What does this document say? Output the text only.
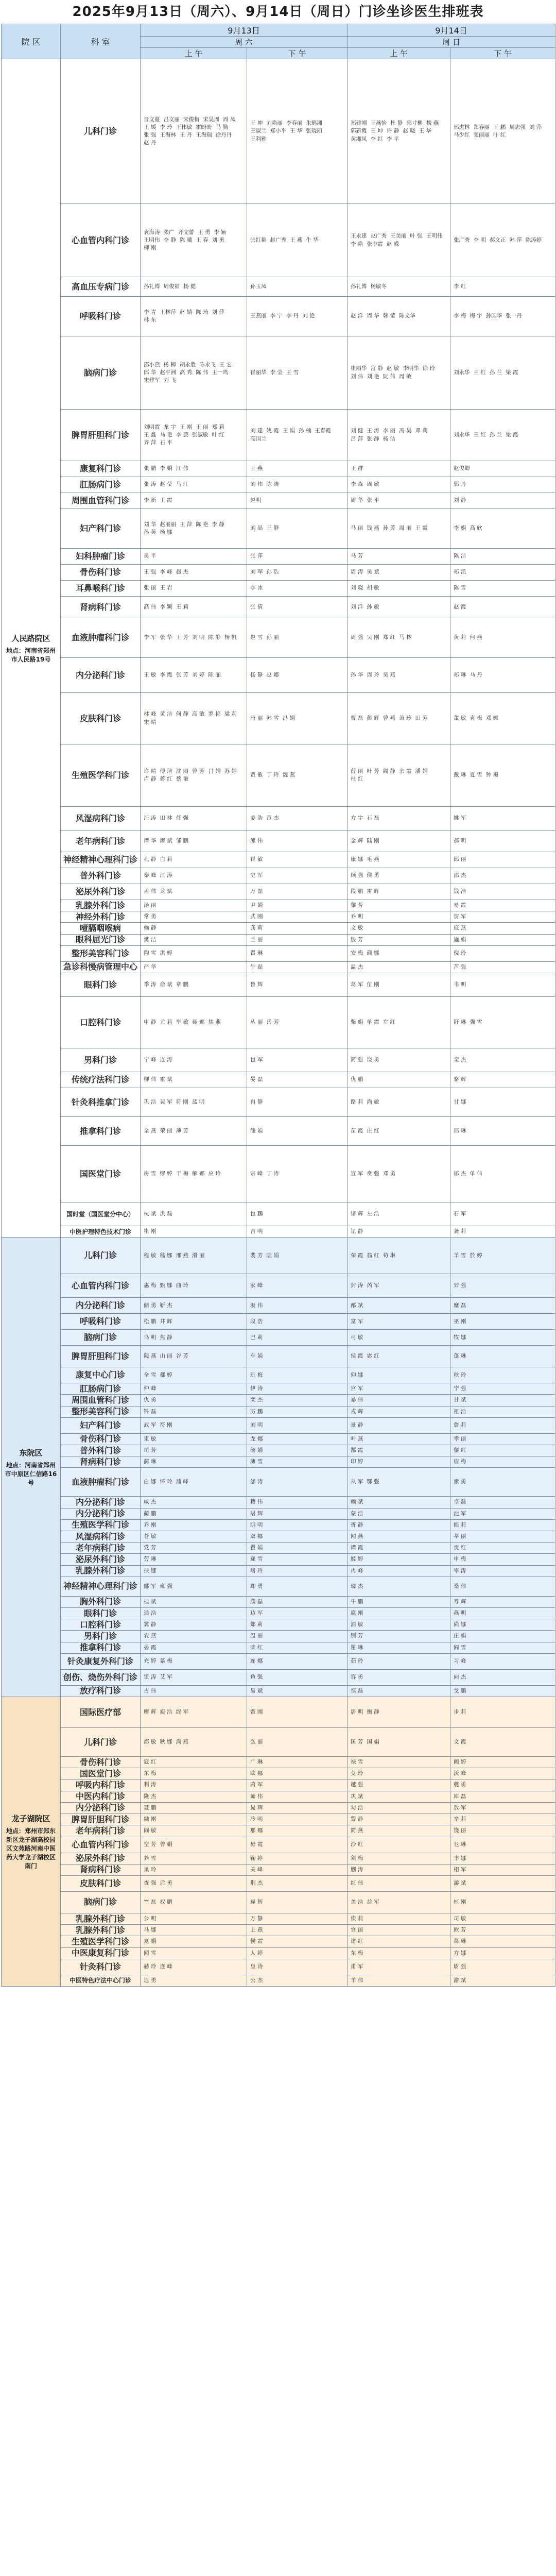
2025年9月13日（周六）、9月14日（周日）门诊坐诊医生排班表
院 区	科 室	9月13日		9月14日	
		周 六		周 日	
		上 午	下 午	上 午	下 午
人民路院区
地点：河南省郑州市人民路19号	儿科门诊	晋文蔓 吕文丽 宋俊梅 宋昊周 周 凤王 媛 李 玲 王伟敏 霍盼盼 马 勤张 强 王海林 王 丹 王海瑞 徐丹丹赵 丹	王 坤 刘艳丽 李春丽 朱鹤湘王淑兰 郑小平 王 华 张晓丽王利雅	郑建刚 王燕怡 杜 静 郭寸柳 魏 燕郭新霞 王 坤 许 静 赵 晓 王 华黄湘凤 李 红 李 平	邢进林 郑春丽 王 鹏 周志强 刘 萍马少红 张丽丽 叶 红
	心血管内科门诊	袁海涛 张广 齐文蕾 王 勇 李 颖王明伟 李 静 陈 曦 王 春 刘 勇柳 刚	张红艳 赵广秀 王 燕 牛 华	王永建 赵广秀 王美丽 叶 强 王明伟李 艳 张中霞 赵 嵘	张广秀 李 明 郝文正 韩 萍 陈涛婷
	高血压专病门诊	孙礼博 周俊福 杨 健	孙玉凤	孙礼博 杨敏冬	李 红
	呼吸科门诊	李 青 王林萍 赵 婧 陈 琦 刘 萍林 东	王燕丽 李 宁 李 丹 刘 艳	赵 洋 周 华 韩 莹 陈文华	李 梅 梅 宇 孙国华 张一丹
	脑病门诊	邵小燕 杨 柳 胡永胜 陈永飞 王 宏邱 华 赵平洲 高 秀 陈 伟 王一鸣宋建军 刘 飞	崔丽华 李 莹 王 雪	崔丽华 宫 静 赵 敏 李明华 徐 玲刘 伟 刘 艳 阮 伟 周 敏	刘永华 王 红 孙 兰 梁 霞
	脾胃肝胆科门诊	刘明霞 龙 宇 王 刚 王 丽 郑 莉王 鑫 马 艳 李 芸 张淑敏 叶 红齐 萍 石 平	刘 建 姚 霞 王 娟 孙 楠 王春霞高国兰	刘 健 王 涛 李 丽 冯 昊 邓 莉吕 萍 张 静 杨 洁	刘永华 王 红 孙 兰 梁 霞
	康复科门诊	张 鹏 李 娟 江 伟	王 燕	王 群	赵俊卿
	肛肠病门诊	张 涛 赵 莹 马 江	刘 伟 陈 晓	李 森 周 敏	郭 丹
	周围血管科门诊	李 新 王 霞	赵明	周 华 张 平	刘 静
	妇产科门诊	刘 华 赵丽丽 王 萍 陈 艳 李 静孙 英 杨 娜	刘 晶 王 静	马 丽 钱 燕 孙 芳 周 丽 王 霞	李 娟 高 欣
	妇科肿瘤门诊	吴 平	张 萍	马 芳	陈 洁
	骨伤科门诊	王 强 李 峰 赵 杰	刘 军 孙 浩	周 涛 吴 斌	郑 凯
	耳鼻喉科门诊	张 丽 王 岩	李 冰	刘 晓 胡 敏	陈 雪
	肾病科门诊	高 伟 李 颖 王 莉	张 倩	刘 洋 孙 敏	赵 霞
	血液肿瘤科门诊	李 军 张 华 王 芳 刘 明 陈 静 杨 帆	赵 雪 孙 丽	周 强 吴 刚 郑 红 马 林	黄 莉 何 燕
	内分泌科门诊	王 敏 李 霞 张 芳 刘 婷 陈 丽	杨 静 赵 娜	孙 华 周 玲 吴 燕	郑 琳 马 丹
	皮肤科门诊	林 峰 黄 洁 何 静 高 敏 罗 艳 梁 莉宋 晴	唐 丽 韩 雪 冯 娟	曹 磊 彭 辉 曾 燕 萧 玲 田 芳	董 敏 袁 梅 邓 娜
	生殖医学科门诊	许 晴 傅 洁 沈 丽 曾 芳 吕 娟 苏 婷卢 静 蒋 红 蔡 艳	贾 敏 丁 玲 魏 燕	薛 丽 叶 芳 阎 静 余 霞 潘 娟杜 红	戴 琳 夏 雪 钟 梅
	风湿病科门诊	汪 涛 田 林 任 强	姜 浩 范 杰	方 宇 石 磊	姚 军
	老年病科门诊	谭 华 廖 斌 邹 鹏	熊 伟	金 辉 陆 刚	郝 明
	神经精神心理科门诊	孔 静 白 莉	崔 敏	康 娜 毛 燕	邱 丽
	普外科门诊	秦 峰 江 涛	史 军	顾 强 侯 勇	邵 杰
	泌尿外科门诊	孟 伟 龙 斌	万 磊	段 鹏 雷 辉	钱 浩
	乳腺外科门诊	汤 丽	尹 娟	黎 芳	易 霞
	神经外科门诊	常 勇	武 刚	乔 明	贺 军
	噎膈咽喉病	赖 静	龚 莉	文 敏	庞 燕
	眼科屈光门诊	樊 洁	兰 丽	殷 芳	施 娟
	整形美容科门诊	陶 雪 洪 婷	翟 琳	安 梅 颜 娜	倪 玲
	急诊科慢病管理中心	严 华	牛 磊	温 杰	芦 强
	眼科门诊	季 涛 俞 斌 章 鹏	鲁 辉	葛 军 伍 刚	韦 明
	口腔科门诊	申 静 尤 莉 毕 敏 聂 娜 焦 燕	丛 丽 岳 芳	柴 娟 单 霞 左 红	舒 琳 强 雪
	男科门诊	宁 峰 连 涛	包 军	简 强 饶 勇	栾 杰
	传统疗法科门诊	柳 伟 霍 斌	晏 磊	仇 鹏	骆 辉
	针灸科推拿门诊	巩 浩 裴 军 符 刚 蓝 明	冉 静	路 莉 尚 敏	甘 娜
	推拿科门诊	全 燕 荣 丽 薄 芳	储 娟	苗 霞 庄 红	邢 琳
	国医堂门诊	房 雪 缪 婷 干 梅 解 娜 应 玲	宗 峰 丁 涛	宣 军 贲 强 邓 勇	郁 杰 单 伟
	国时堂（国医堂分中心）	杭 斌 洪 磊	包 鹏	诸 辉 左 浩	石 军
	中医护理特色技术门诊	崔 刚	吉 明	钮 静	龚 莉
东院区
地点：河南省郑州市中原区仁信路16号	儿科门诊	程 敏 嵇 娜 邢 燕 滑 丽	裴 芳 陆 娟	荣 霞 翁 红 荀 琳	羊 雪 於 婷
	心血管内科门诊	惠 梅 甄 娜 曲 玲	家 峰	封 涛 芮 军	羿 强
	内分泌科门诊	储 勇 靳 杰	汲 伟	邴 斌	糜 磊
	呼吸科门诊	松 鹏 井 辉	段 浩	富 军	巫 刚
	脑病门诊	乌 明 焦 静	巴 莉	弓 敏	牧 娜
	脾胃肝胆科门诊	隗 燕 山 丽 谷 芳	车 娟	侯 霞 宓 红	蓬 琳
	康复中心门诊	全 雪 郗 婷	班 梅	仰 娜	秋 玲
	肛肠病门诊	仲 峰	伊 涛	宫 军	宁 强
	周围血管科门诊	仇 勇	栾 杰	暴 伟	甘 斌
	整形美容科门诊	钭 磊	厉 鹏	戎 辉	祖 浩
	妇产科门诊	武 军 符 刚	刘 明	景 静	詹 莉
	骨伤科门诊	束 敏	龙 娜	叶 燕	幸 丽
	普外科门诊	司 芳	韶 娟	郜 霞	黎 红
	肾病科门诊	蓟 琳	薄 雪	印 婷	宿 梅
	血液肿瘤科门诊	白 娜 怀 玲 蒲 峰	邰 涛	从 军 鄂 强	索 勇
	内分泌科门诊	咸 杰	籍 伟	赖 斌	卓 磊
	内分泌科门诊	蔺 鹏	屠 辉	蒙 浩	池 军
	生殖医学科门诊	乔 刚	阴 明	胥 静	能 莉
	风湿病科门诊	苍 敏	双 娜	闻 燕	莘 丽
	老年病科门诊	党 芳	翟 娟	谭 霞	贡 红
	泌尿外科门诊	劳 琳	逄 雪	姬 婷	申 梅
	乳腺外科门诊	扶 娜	堵 玲	冉 峰	宰 涛
	神经精神心理科门诊	郦 军 雍 强	却 勇	璩 杰	桑 伟
	胸外科门诊	桂 斌	濮 磊	牛 鹏	寿 辉
	眼科门诊	通 浩	边 军	扈 刚	燕 明
	口腔科门诊	冀 静	郏 莉	浦 敏	尚 娜
	男科门诊	农 燕	温 丽	别 芳	庄 娟
	推拿科门诊	晏 霞	柴 红	瞿 琳	阎 雪
	针灸康复外科门诊	充 婷 慕 梅	连 娜	茹 玲	习 峰
	创伤、烧伤外科门诊	宦 涛 艾 军	鱼 强	容 勇	向 杰
	放疗科门诊	古 伟	易 斌	慎 磊	戈 鹏
龙子湖院区
地点：郑州市郑东新区龙子湖高校园区文苑路河南中医药大学龙子湖校区南门	国际医疗部	廖 辉 庾 浩 终 军	暨 刚	居 明 衡 静	步 莉
	儿科门诊	都 敏 耿 娜 满 燕	弘 丽	匡 芳 国 娟	文 霞
	骨伤科门诊	寇 红	广 琳	禄 雪	阙 婷
	国医堂门诊	东 梅	欧 娜	殳 玲	沃 峰
	呼吸内科门诊	利 涛	蔚 军	越 强	夔 勇
	中医内科门诊	隆 杰	师 伟	巩 斌	厍 磊
	内分泌科门诊	聂 鹏	晁 辉	勾 浩	敖 军
	脾胃肝胆科门诊	融 刚	冷 明	訾 静	辛 莉
	老年病科门诊	阚 敏	那 娜	简 燕	饶 丽
	心血管内科门诊	空 芳 曾 娟	毋 霞	沙 红	乜 琳
	泌尿外科门诊	养 雪	鞠 婷	须 梅	丰 娜
	肾病科门诊	巢 玲	关 峰	蒯 涛	相 军
	皮肤科门诊	查 强 后 勇	荆 杰	红 伟	游 斌
	脑病门诊	竺 磊 权 鹏	逯 辉	盖 浩 益 军	桓 刚
	乳腺外科门诊	公 明	万 静	俟 莉	司 敏
	乳腺外科门诊	马 娜	上 燕	官 丽	欧 芳
	生殖医学科门诊	夏 娟	侯 霞	诸 红	葛 琳
	中医康复科门诊	闻 雪	人 婷	东 梅	方 娜
	针灸科门诊	赫 玲 连 峰	皇 涛	甫 军	尉 强
	中医特色疗法中心门诊	迟 勇	公 杰	羊 伟	澹 斌
